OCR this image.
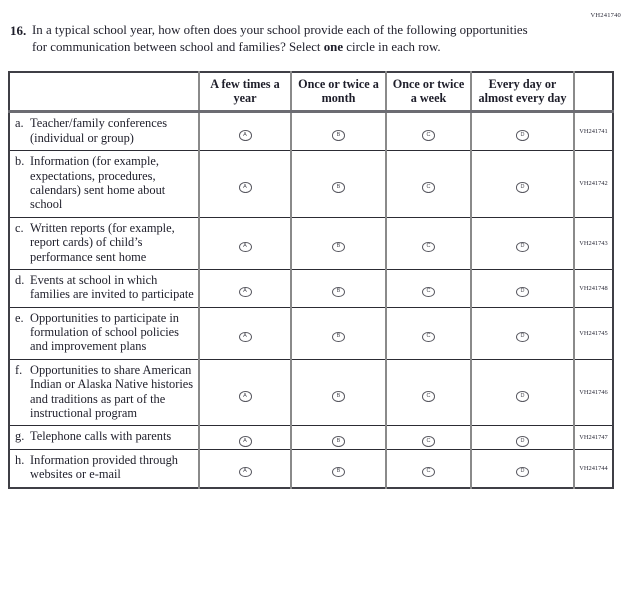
VH241740
16. In a typical school year, how often does your school provide each of the following opportunities for communication between school and families? Select one circle in each row.
	A few times a year	Once or twice a month	Once or twice a week	Every day or almost every day	

a. Teacher/family conferences (individual or group)	A	B	C	D	VH241741

b. Information (for example, expectations, procedures, calendars) sent home about school	A	B	C	D	VH241742

c. Written reports (for example, report cards) of child’s performance sent home	A	B	C	D	VH241743

d. Events at school in which families are invited to participate	A	B	C	D	VH241748

e. Opportunities to participate in formulation of school policies and improvement plans	A	B	C	D	VH241745

f. Opportunities to share American Indian or Alaska Native histories and traditions as part of the instructional program	A	B	C	D	VH241746

g. Telephone calls with parents	A	B	C	D	VH241747

h. Information provided through websites or e-mail	A	B	C	D	VH241744
